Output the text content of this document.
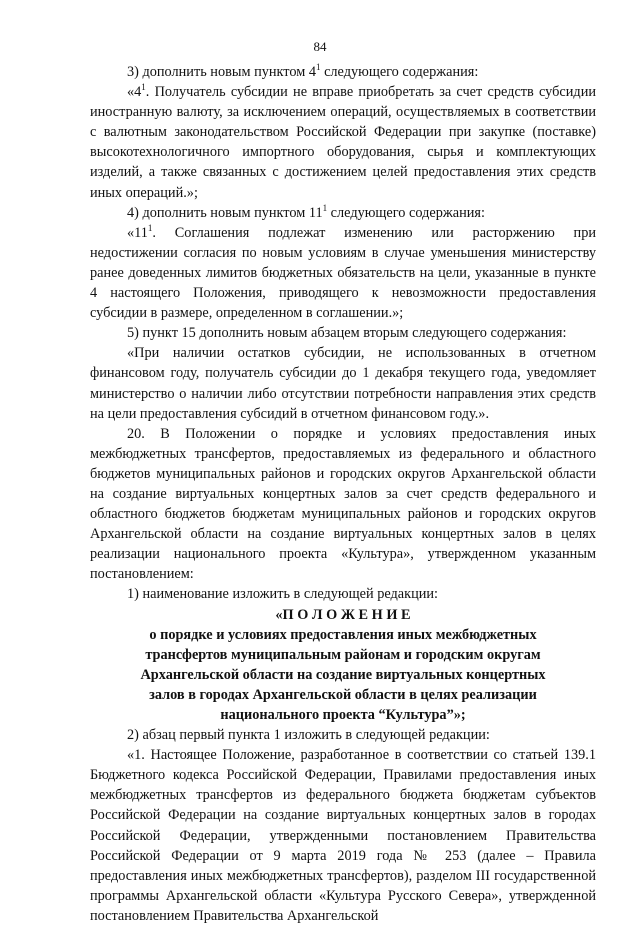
84

3) дополнить новым пунктом $4^1$ следующего содержания:

«$4^1$. Получатель субсидии не вправе приобретать за счет средств субсидии иностранную валюту, за исключением операций, осуществляемых в соответствии с валютным законодательством Российской Федерации при закупке (поставке) высокотехнологичного импортного оборудования, сырья и комплектующих изделий, а также связанных с достижением целей предоставления этих средств иных операций.»;

4) дополнить новым пунктом $11^1$ следующего содержания:

«$11^1$. Соглашения подлежат изменению или расторжению при недостижении согласия по новым условиям в случае уменьшения министерству ранее доведенных лимитов бюджетных обязательств на цели, указанные в пункте 4 настоящего Положения, приводящего к невозможности предоставления субсидии в размере, определенном в соглашении.»;

5) пункт 15 дополнить новым абзацем вторым следующего содержания:

«При наличии остатков субсидии, не использованных в отчетном финансовом году, получатель субсидии до 1 декабря текущего года, уведомляет министерство о наличии либо отсутствии потребности направления этих средств на цели предоставления субсидий в отчетном финансовом году.».

20. В Положении о порядке и условиях предоставления иных межбюджетных трансфертов, предоставляемых из федерального и областного бюджетов муниципальных районов и городских округов Архангельской области на создание виртуальных концертных залов за счет средств федерального и областного бюджетов бюджетам муниципальных районов и городских округов Архангельской области на создание виртуальных концертных залов в целях реализации национального проекта «Культура», утвержденном указанным постановлением:

1) наименование изложить в следующей редакции:

«П О Л О Ж Е Н И Е
о порядке и условиях предоставления иных межбюджетных
трансфертов муниципальным районам и городским округам
Архангельской области на создание виртуальных концертных
залов в городах Архангельской области в целях реализации
национального проекта “Культура”»;

2) абзац первый пункта 1 изложить в следующей редакции:

«1. Настоящее Положение, разработанное в соответствии со статьей 139.1 Бюджетного кодекса Российской Федерации, Правилами предоставления иных межбюджетных трансфертов из федерального бюджета бюджетам субъектов Российской Федерации на создание виртуальных концертных залов в городах Российской Федерации, утвержденными постановлением Правительства Российской Федерации от 9 марта 2019 года № 253 (далее – Правила предоставления иных межбюджетных трансфертов), разделом III государственной программы Архангельской области «Культура Русского Севера», утвержденной постановлением Правительства Архангельской
